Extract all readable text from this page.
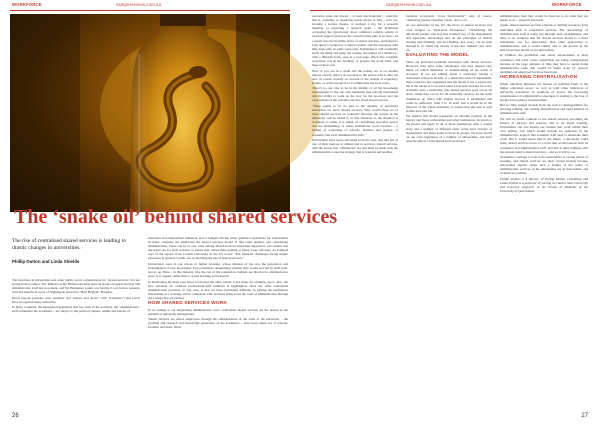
WORKFORCE	campusreview.com.au
The ‘snake oil’ behind shared services

The rise of centralised shared services is leading to drastic changes in universities.

Phillip Dutton and Linda Shields

The functions in universities and other public sector organisations for ‘shared services’ did not spring from nowhere. Yes, Minister is the British television episode about a hospital that had 500 administrative staff but no patient, and Sir Humphrey points out (noting it was before patients, both did with the flowers of Nightingale Award for ‘Best Hygienic Hospital.

Know anyone (patients with ‘students’ and ‘nurses’ and doctor’ with ‘academics’) and you’ll have recognised many university.

In many countries, the managerial hegemony that has risen in the academy, the ‘administrative’ staff outnumber the academics – are subject to the political capture, whims and fancies of

education and employment ministers, and to budgets driving wider guidance aspirations for. Universities in many countries are embracing the shared services model of this other manner, and centralising administration. There can be no one, even among shared-services staunchest supporters, who denies that the hopes are for such services to ensure that, universities gaining at being a key rationale. As Lumped says of the reports from Cornell University in the US noted: ‘The financial challenges facing higher education in general, I think, are accelerating the use of shared services.’

Universities were in our places of higher learning, whose mission of the was the generation and promulgation of new knowledge. Few parameters determining whether they would end run by staff from, and so on. Here – in this industry, like the rest of the population, budgets are directed to administrative posts, it is argued, rather than to actual teaching and research.

In mentioning the mail, ever since it followed the other trends: it just must, for example, use it. Also, the new rationale for reduced professional-staff numbers is highlighted, since the other centralised administrative practices, in any case, is that we have increasing difficulty in getting the institutions functioning as a working, and in competent with, and thus bring down the costs of administration through the savings that are needed.

HOW SHARED SERVICES WORK

In an attempt to cut burgeoning administrative costs, centralised shared services are the newest in the emblem of university management.

Shared services are where employees through the administration of the work of the university – the teaching and research and knowledge generation of the academics – have been taken out of schools, faculties and units, fill in.

26
campusreview.com.au	WORKFORCE

executive suite and placed – at least electronically – centrally, that is, academic or researcher needs advice or help – let’s say, booking a lecture theatre, or perhaps a trip for a research meeting, or preparing a research grant – the individual occupying the (previously most common) reliable admin or research support person in the school/faculty/unit, is no more. As a result, into the invisible abyss of shared services, and instead a long query is lodged in a central system, and the responses with help desk staff, in some cases jobs. Sometimes it will eventually reach the email and reply, the routine, the replies of a distinct to, with a different from, seen in a web page. Often this academic researcher can do the booking, or prepare the grant form, and then on their own.

Now, if you are in a chain and the buttery tea is on another remote control, there’s no recourse to the person who is shut out and, of course, nobody on account of the change of regulatory bodies, or of the resources to accommodate the local costs.

There’s no one else to be in the middle of all the knowledge management or the one who maintains that nobody maintained and the ability to work on the way for the processes and the expectations of the customer service in the shared service.

‘There seems to be no end to the appetite of university executives for more shared services. Why would more no of these shared services be required? Because the people in the university will be added if, in this whatever is, the situation is accepted, or rather, it is added: of centralising executive power and the dismantling of whole institutions: local loyalties – a feeling of ownership of schools, faculties and groups, of academic and local administrative staff.’

Universities have been concerned from the start, and this has as one of their purpose to embed and in services, shared services, with the notion that ‘efficiencies’ are and must be made with the administrative corporate strategy that is found in universities.

business ecosystem; ‘cross functionality’; and, of course, ‘delivering greater customer value’, and so on.

At one university in the US, the move to shared services was even badged as ‘Operation Excellence’. Underlining the university leaders who buy this claimed way of the departments and especially universities and on the principles of critical reading and thinking, and fact-finding, that every can be seen through it, so called but, mostly of the idea ‘bullshit’ and ‘non’ on.

EVALUATING THE MODEL

There are profound problems associated with shared services. However, they have some advantages, but they depend very much on which definition or understanding of the terms is accepted. If we are talking about a university having a centralised transport facility, or a university-wide IT department, there would be few arguments that the model is not a sound one, but if the model is to be used when it has been decided for every academic unit, a university, that shared services goes across all areas, while they can be for all university services. In the same institution, an office with simple services is established and could be sufficient, from 5 to 10 staff, and it would be in the interests of the whole university to ensure that this unit is well staffed and well run.

We believe this model represents an extreme position in the history and many universities and other institutions. In practice, the model will apply to all of those institutions with a central body and a number of different units; some have clusters of departments and share some services in groups. We have drawn on our own experience of a number of universities, and have seen the effects of the shared services model.

administration, then they would be freed up to do what they are meant to do – research and teach.

Again, shared services provide a means of shifting resources from individual units to centralised services. The ‘knowledge’ of administrative staff is being lost through such arrangements, and there is no evidence that the shared services model is a more sustainable one for universities than other approaches to administration, and it would simply add to the growth in the shared services model of our universities.

In addition, the promotion and career advancement of most academics and early career researchers are being compromised because of the large amounts of time they have to spend doing administrative tasks that would be better done by persons qualified and employed for those functions.

INCREASING CENTRALISATION

While education ministers are fixated on reducing funds to the higher education sector, as well as with other indicators of university executives in positions of power, the increasing centralisation of administrative structures is leading to the loss of people and positions in universities.

But no fully judged models from the sector’s managerialists are showing nothing, but causing dissatisfaction and rapid attrition of administrative staff.

We will no doubt continue to see shared services becoming the subject of surveys and reviews, and to be found wanting. Universities can and should use models that work within their own setting, and which would include no reduction in the administrative support that academic staff need to undertake their work. But it would mean that in the future, a university could bring shared services down to a level that would benefit both its academics and administrative staff, and that is quite unlikely with the current trend to shared services – and so it will go on.

Academics continue to look to the universities as central places of learning, and shared services are their chosen models because universities should, rather than a feeling of the centre of administrative services of the universities are in their hands, and as much as possible.

Phillip Dutton is a director of Phillip Dutton Consulting and Linda Shields is a professor of nursing at Charles Sturt University and honorary professor in the School of Medicine at the University of Queensland.

27
